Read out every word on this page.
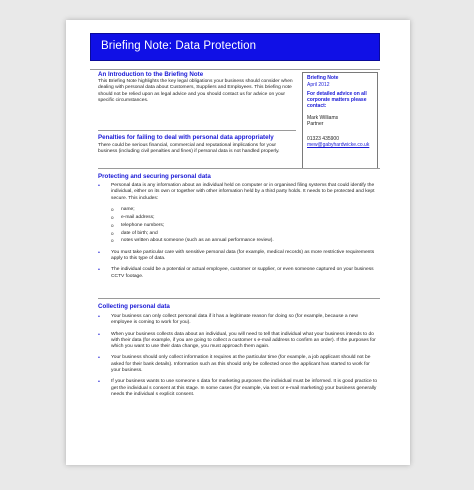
Briefing Note: Data Protection
An Introduction to the Briefing Note
This Briefing Note highlights the key legal obligations your business should consider when dealing with personal data about Customers, Suppliers and Employees. This briefing note should not be relied upon as legal advice and you should contact us for advice on your specific circumstances.
Briefing Note
April 2012
For detailed advice on all corporate matters please contact:
Mark Williams
Partner
01323 435900
mew@gabyhardwicke.co.uk
Penalties for failing to deal with personal data appropriately
There could be serious financial, commercial and reputational implications for your business (including civil penalties and fines) if personal data is not handled properly.
Protecting and securing personal data
• Personal data is any information about an individual held on computer or in organised filing systems that could identify the individual, either on its own or together with other information held by a third party holds. It needs to be protected and kept secure. This includes:
o name;
o e-mail address;
o telephone numbers;
o date of birth; and
o notes written about someone (such as an annual performance review).
• You must take particular care with sensitive personal data (for example, medical records) as more restrictive requirements apply to this type of data.
• The individual could be a potential or actual employee, customer or supplier, or even someone captured on your business CCTV footage.
Collecting personal data
• Your business can only collect personal data if it has a legitimate reason for doing so (for example, because a new employee is coming to work for you).
• When your business collects data about an individual, you will need to tell that individual what your business intends to do with their data (for example, if you are going to collect a customer s e-mail address to confirm an order). If the purposes for which you want to use their data change, you must approach them again.
• Your business should only collect information it requires at the particular time (for example, a job applicant should not be asked for their bank details). Information such as this should only be collected once the applicant has started to work for your business.
• If your business wants to use someone s data for marketing purposes the individual must be informed. It is good practice to get the individual s consent at this stage. In some cases (for example, via text or e-mail marketing) your business generally needs the individual s explicit consent.
